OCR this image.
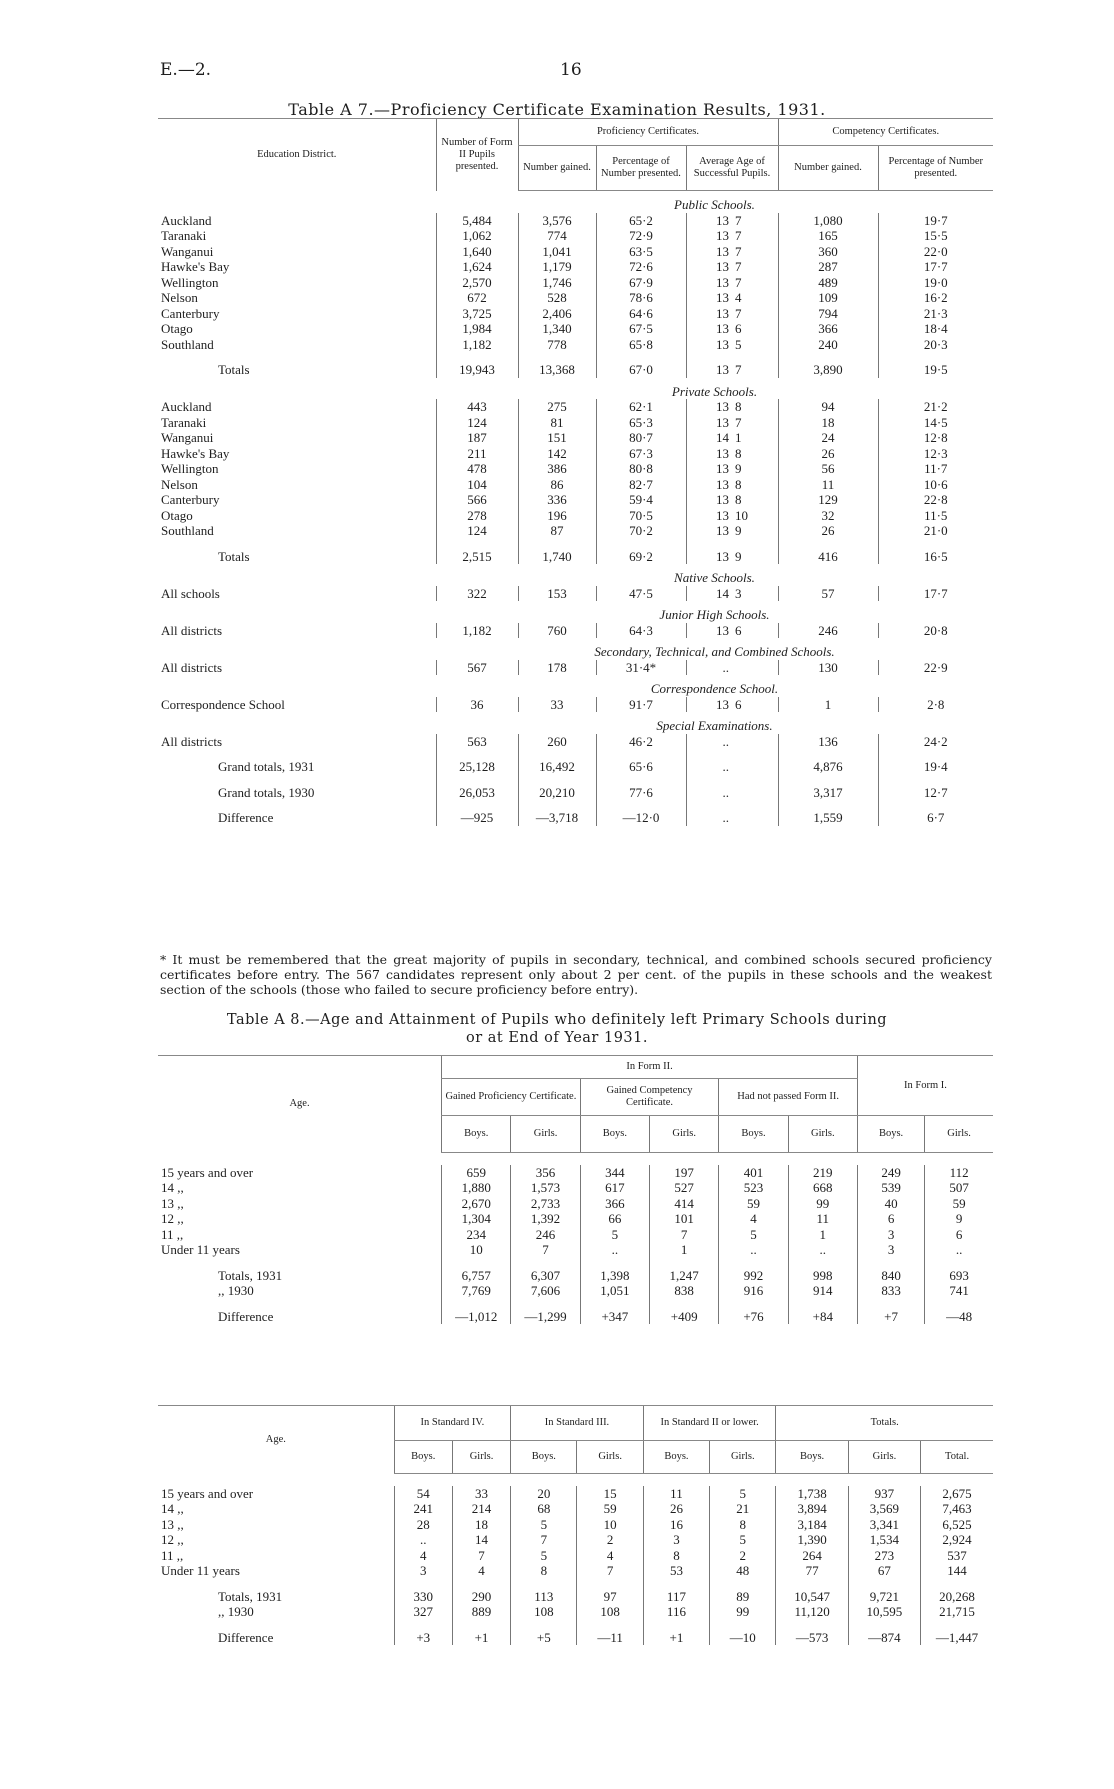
E.—2.	16
Table A 7.—Proficiency Certificate Examination Results, 1931.
Education District.	Number of Form II Pupils presented.	Proficiency Certificates.				Competency Certificates.	
		Number gained.	Percentage of Number presented.	Average Age of Successful Pupils.		Number gained.	Percentage of Number presented.
	Public Schools.						
Auckland	5,484	3,576	65·2	13	7	1,080	19·7
Taranaki	1,062	774	72·9	13	7	165	15·5
Wanganui	1,640	1,041	63·5	13	7	360	22·0
Hawke's Bay	1,624	1,179	72·6	13	7	287	17·7
Wellington	2,570	1,746	67·9	13	7	489	19·0
Nelson	672	528	78·6	13	4	109	16·2
Canterbury	3,725	2,406	64·6	13	7	794	21·3
Otago	1,984	1,340	67·5	13	6	366	18·4
Southland	1,182	778	65·8	13	5	240	20·3
Totals	19,943	13,368	67·0	13	7	3,890	19·5
	Private Schools.						
Auckland	443	275	62·1	13	8	94	21·2
Taranaki	124	81	65·3	13	7	18	14·5
Wanganui	187	151	80·7	14	1	24	12·8
Hawke's Bay	211	142	67·3	13	8	26	12·3
Wellington	478	386	80·8	13	9	56	11·7
Nelson	104	86	82·7	13	8	11	10·6
Canterbury	566	336	59·4	13	8	129	22·8
Otago	278	196	70·5	13	10	32	11·5
Southland	124	87	70·2	13	9	26	21·0
Totals	2,515	1,740	69·2	13	9	416	16·5
	Native Schools.						
All schools	322	153	47·5	14	3	57	17·7
	Junior High Schools.						
All districts	1,182	760	64·3	13	6	246	20·8
	Secondary, Technical, and Combined Schools.						
All districts	567	178	31·4*	..		130	22·9
	Correspondence School.						
Correspondence School	36	33	91·7	13	6	1	2·8
	Special Examinations.						
All districts	563	260	46·2	..		136	24·2
Grand totals, 1931	25,128	16,492	65·6	..		4,876	19·4
Grand totals, 1930	26,053	20,210	77·6	..		3,317	12·7
Difference	—925	—3,718	—12·0	..		1,559	6·7
* It must be remembered that the great majority of pupils in secondary, technical, and combined schools secured proficiency certificates before entry. The 567 candidates represent only about 2 per cent. of the pupils in these schools and the weakest section of the schools (those who failed to secure proficiency before entry).
Table A 8.—Age and Attainment of Pupils who definitely left Primary Schools during
or at End of Year 1931.
Age.	In Form II.						In Form I.	
	Gained Proficiency Certificate.		Gained Competency Certificate.		Had not passed Form II.			
	Boys.	Girls.	Boys.	Girls.	Boys.	Girls.	Boys.	Girls.

15 years and over	659	356	344	197	401	219	249	112
14 ,,	1,880	1,573	617	527	523	668	539	507
13 ,,	2,670	2,733	366	414	59	99	40	59
12 ,,	1,304	1,392	66	101	4	11	6	9
11 ,,	234	246	5	7	5	1	3	6
Under 11 years	10	7	..	1	..	..	3	..
Totals, 1931	6,757	6,307	1,398	1,247	992	998	840	693
,, 1930	7,769	7,606	1,051	838	916	914	833	741
Difference	—1,012	—1,299	+347	+409	+76	+84	+7	—48
Age.	In Standard IV.		In Standard III.		In Standard II or lower.		Totals.		
	Boys.	Girls.	Boys.	Girls.	Boys.	Girls.	Boys.	Girls.	Total.

15 years and over	54	33	20	15	11	5	1,738	937	2,675
14 ,,	241	214	68	59	26	21	3,894	3,569	7,463
13 ,,	28	18	5	10	16	8	3,184	3,341	6,525
12 ,,	..	14	7	2	3	5	1,390	1,534	2,924
11 ,,	4	7	5	4	8	2	264	273	537
Under 11 years	3	4	8	7	53	48	77	67	144
Totals, 1931	330	290	113	97	117	89	10,547	9,721	20,268
,, 1930	327	889	108	108	116	99	11,120	10,595	21,715
Difference	+3	+1	+5	—11	+1	—10	—573	—874	—1,447
